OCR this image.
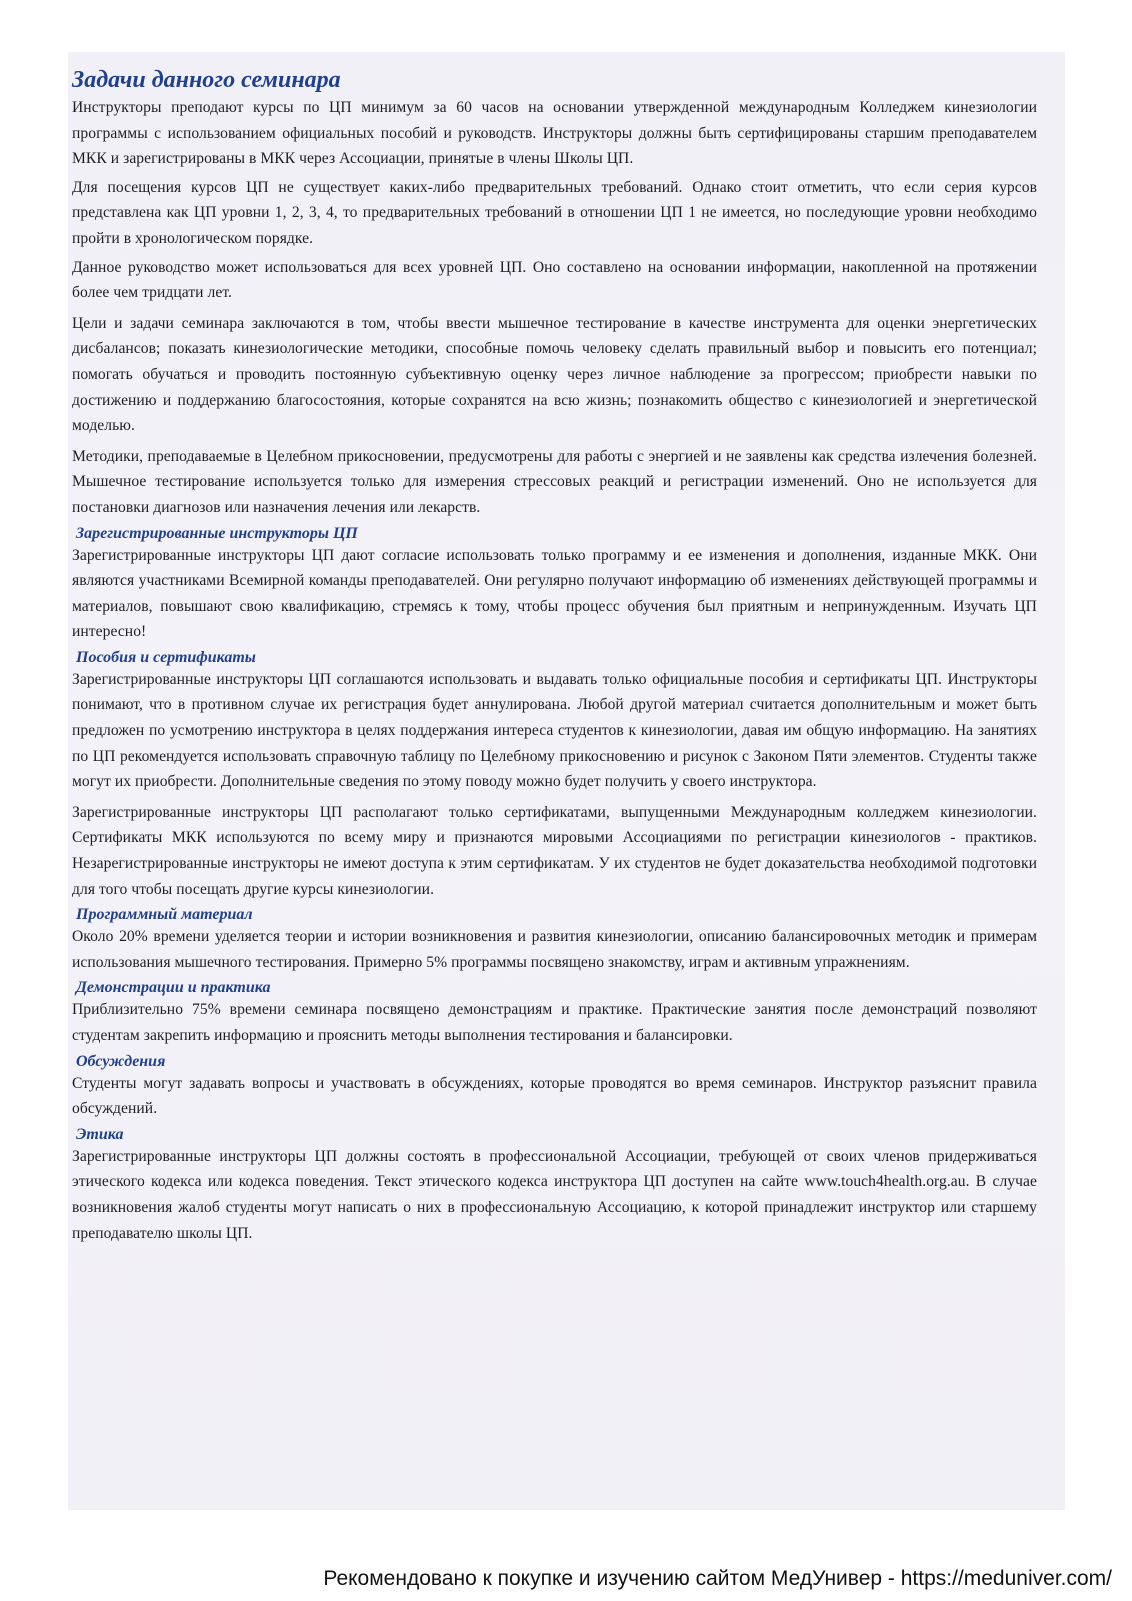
Задачи данного семинара
Инструкторы преподают курсы по ЦП минимум за 60 часов на основании утвержденной международным Колледжем кинезиологии программы с использованием официальных пособий и руководств. Инструкторы должны быть сертифицированы старшим преподавателем МКК и зарегистрированы в МКК через Ассоциации, принятые в члены Школы ЦП.
Для посещения курсов ЦП не существует каких-либо предварительных требований. Однако стоит отметить, что если серия курсов представлена как ЦП уровни 1, 2, 3, 4, то предварительных требований в отношении ЦП 1 не имеется, но последующие уровни необходимо пройти в хронологическом порядке.
Данное руководство может использоваться для всех уровней ЦП. Оно составлено на основании информации, накопленной на протяжении более чем тридцати лет.
Цели и задачи семинара заключаются в том, чтобы ввести мышечное тестирование в качестве инструмента для оценки энергетических дисбалансов; показать кинезиологические методики, способные помочь человеку сделать правильный выбор и повысить его потенциал; помогать обучаться и проводить постоянную субъективную оценку через личное наблюдение за прогрессом; приобрести навыки по достижению и поддержанию благосостояния, которые сохранятся на всю жизнь; познакомить общество с кинезиологией и энергетической моделью.
Методики, преподаваемые в Целебном прикосновении, предусмотрены для работы с энергией и не заявлены как средства излечения болезней. Мышечное тестирование используется только для измерения стрессовых реакций и регистрации изменений. Оно не используется для постановки диагнозов или назначения лечения или лекарств.
Зарегистрированные инструкторы ЦП
Зарегистрированные инструкторы ЦП дают согласие использовать только программу и ее изменения и дополнения, изданные МКК. Они являются участниками Всемирной команды преподавателей. Они регулярно получают информацию об изменениях действующей программы и материалов, повышают свою квалификацию, стремясь к тому, чтобы процесс обучения был приятным и непринужденным. Изучать ЦП интересно!
Пособия и сертификаты
Зарегистрированные инструкторы ЦП соглашаются использовать и выдавать только официальные пособия и сертификаты ЦП. Инструкторы понимают, что в противном случае их регистрация будет аннулирована. Любой другой материал считается дополнительным и может быть предложен по усмотрению инструктора в целях поддержания интереса студентов к кинезиологии, давая им общую информацию. На занятиях по ЦП рекомендуется использовать справочную таблицу по Целебному прикосновению и рисунок с Законом Пяти элементов. Студенты также могут их приобрести. Дополнительные сведения по этому поводу можно будет получить у своего инструктора.
Зарегистрированные инструкторы ЦП располагают только сертификатами, выпущенными Международным колледжем кинезиологии. Сертификаты МКК используются по всему миру и признаются мировыми Ассоциациями по регистрации кинезиологов - практиков. Незарегистрированные инструкторы не имеют доступа к этим сертификатам. У их студентов не будет доказательства необходимой подготовки для того чтобы посещать другие курсы кинезиологии.
Программный материал
Около 20% времени уделяется теории и истории возникновения и развития кинезиологии, описанию балансировочных методик и примерам использования мышечного тестирования. Примерно 5% программы посвящено знакомству, играм и активным упражнениям.
Демонстрации и практика
Приблизительно 75% времени семинара посвящено демонстрациям и практике. Практические занятия после демонстраций позволяют студентам закрепить информацию и прояснить методы выполнения тестирования и балансировки.
Обсуждения
Студенты могут задавать вопросы и участвовать в обсуждениях, которые проводятся во время семинаров. Инструктор разъяснит правила обсуждений.
Этика
Зарегистрированные инструкторы ЦП должны состоять в профессиональной Ассоциации, требующей от своих членов придерживаться этического кодекса или кодекса поведения. Текст этического кодекса инструктора ЦП доступен на сайте www.touch4health.org.au. В случае возникновения жалоб студенты могут написать о них в профессиональную Ассоциацию, к которой принадлежит инструктор или старшему преподавателю школы ЦП.
Рекомендовано к покупке и изучению сайтом МедУнивер - https://meduniver.com/
